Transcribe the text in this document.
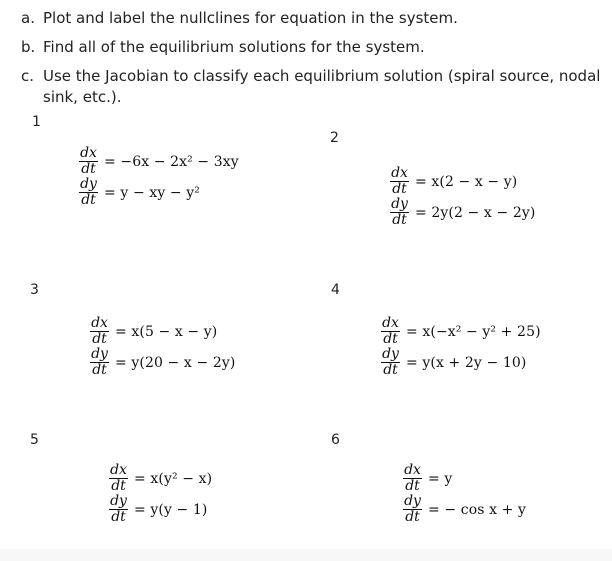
a. Plot and label the nullclines for equation in the system.
b. Find all of the equilibrium solutions for the system.
c. Use the Jacobian to classify each equilibrium solution (spiral source, nodal
sink, etc.).
1
$\frac{dx}{dt} = -6x - 2x^2 - 3xy$
$\frac{dy}{dt} = y$ − xy − y²
2
$\frac{dx}{dt} = x(2 - x - y)$
$\frac{dy}{dt} = 2y(2 - x - 2y)$
3
$\frac{dx}{dt} = x(5 - x - y)$
$\frac{dy}{dt} = y(20 - x - 2y)$
4
$\frac{dx}{dt} = x(-x^2 - y^2 + 25)$
$\frac{dy}{dt} = y(x + 2y - 10)$
5
$\frac{dx}{dt} = x(y^2 - x)$
$\frac{dy}{dt} = y(y - 1)$
6
$\frac{dx}{dt} = y$
$\frac{dy}{dt}$ = − cos x + y
